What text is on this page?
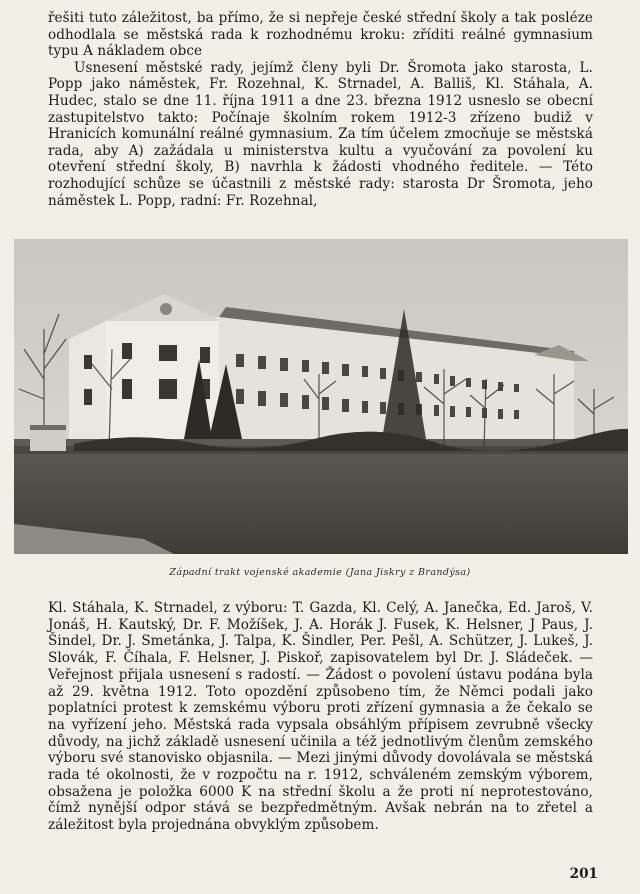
řešiti tuto záležitost, ba přímo, že si nepřeje české střední školy a tak posléze odhodlala se městská rada k rozhodnému kroku: zříditi reálné gymnasium typu A nákladem obce

Usnesení městské rady, jejímž členy byli Dr. Šromota jako starosta, L. Popp jako náměstek, Fr. Rozehnal, K. Strnadel, A. Balliš, Kl. Stáhala, A. Hudec, stalo se dne 11. října 1911 a dne 23. března 1912 usneslo se obecní zastupitelstvo takto: Počínaje školním rokem 1912-3 zřízeno budiž v Hranicích komunální reálné gymnasium. Za tím účelem zmocňuje se městská rada, aby A) zažádala u ministerstva kultu a vyučování za povolení ku otevření střední školy, B) navrhla k žádosti vhodného ředitele. — Této rozhodující schůze se účastnili z městské rady: starosta Dr Šromota, jeho náměstek L. Popp, radní: Fr. Rozehnal,

Západní trakt vojenské akademie (Jana Jiskry z Brandýsa)

Kl. Stáhala, K. Strnadel, z výboru: T. Gazda, Kl. Celý, A. Janečka, Ed. Jaroš, V. Jonáš, H. Kautský, Dr. F. Možíšek, J. A. Horák J. Fusek, K. Helsner, J Paus, J. Šindel, Dr. J. Smetánka, J. Talpa, K. Šindler, Per. Pešl, A. Schützer, J. Lukeš, J. Slovák, F. Číhala, F. Helsner, J. Piskoř, zapisovatelem byl Dr. J. Sládeček. — Veřejnost přijala usnesení s radostí. — Žádost o povolení ústavu podána byla až 29. května 1912. Toto opozdění způsobeno tím, že Němci podali jako poplatníci protest k zemskému výboru proti zřízení gymnasia a že čekalo se na vyřízení jeho. Městská rada vypsala obsáhlým přípisem zevrubně všecky důvody, na jichž základě usnesení učinila a též jednotlivým členům zemského výboru své stanovisko objasnila. — Mezi jinými důvody dovolávala se městská rada té okolnosti, že v rozpočtu na r. 1912, schváleném zemským výborem, obsažena je položka 6000 K na střední školu a že proti ní neprotestováno, čímž nynější odpor stává se bezpředmětným. Avšak nebrán na to zřetel a záležitost byla projednána obvyklým způsobem.

201
